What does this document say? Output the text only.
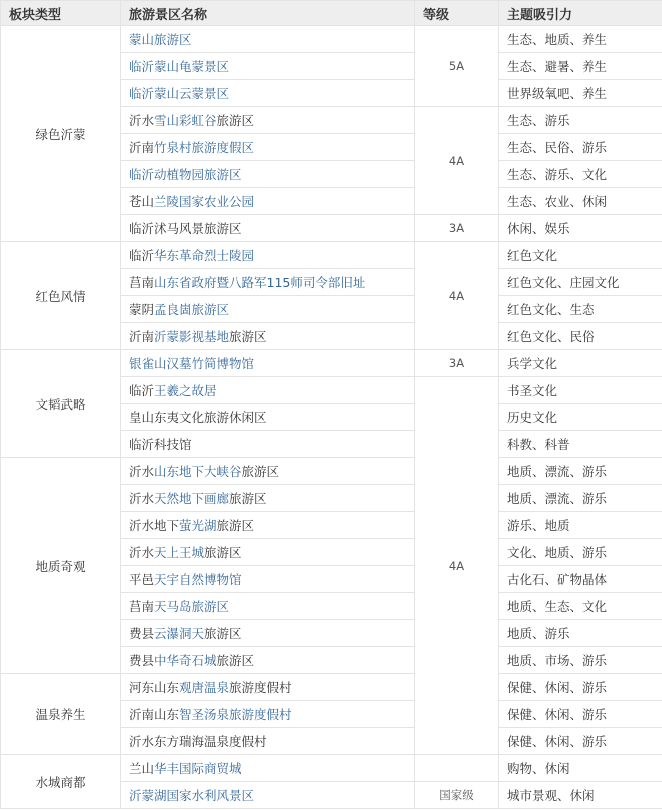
板块类型	旅游景区名称	等级	主题吸引力
绿色沂蒙	蒙山旅游区	5A	生态、地质、养生
	临沂蒙山龟蒙景区		生态、避暑、养生
	临沂蒙山云蒙景区		世界级氧吧、养生
	沂水雪山彩虹谷旅游区	4A	生态、游乐
	沂南竹泉村旅游度假区		生态、民俗、游乐
	临沂动植物园旅游区		生态、游乐、文化
	苍山兰陵国家农业公园		生态、农业、休闲
	临沂沭马风景旅游区	3A	休闲、娱乐
红色风情	临沂华东革命烈士陵园	4A	红色文化
	莒南山东省政府暨八路军115师司令部旧址		红色文化、庄园文化
	蒙阴孟良崮旅游区		红色文化、生态
	沂南沂蒙影视基地旅游区		红色文化、民俗
文韬武略	银雀山汉墓竹简博物馆	3A	兵学文化
	临沂王羲之故居	4A	书圣文化
	皇山东夷文化旅游休闲区		历史文化
	临沂科技馆		科教、科普
地质奇观	沂水山东地下大峡谷旅游区		地质、漂流、游乐
	沂水天然地下画廊旅游区		地质、漂流、游乐
	沂水地下萤光湖旅游区		游乐、地质
	沂水天上王城旅游区		文化、地质、游乐
	平邑天宇自然博物馆		古化石、矿物晶体
	莒南天马岛旅游区		地质、生态、文化
	费县云瀑洞天旅游区		地质、游乐
	费县中华奇石城旅游区		地质、市场、游乐
温泉养生	河东山东观唐温泉旅游度假村		保健、休闲、游乐
	沂南山东智圣汤泉旅游度假村		保健、休闲、游乐
	沂水东方瑞海温泉度假村		保健、休闲、游乐
水城商都	兰山华丰国际商贸城		购物、休闲
	沂蒙湖国家水利风景区	国家级	城市景观、休闲
